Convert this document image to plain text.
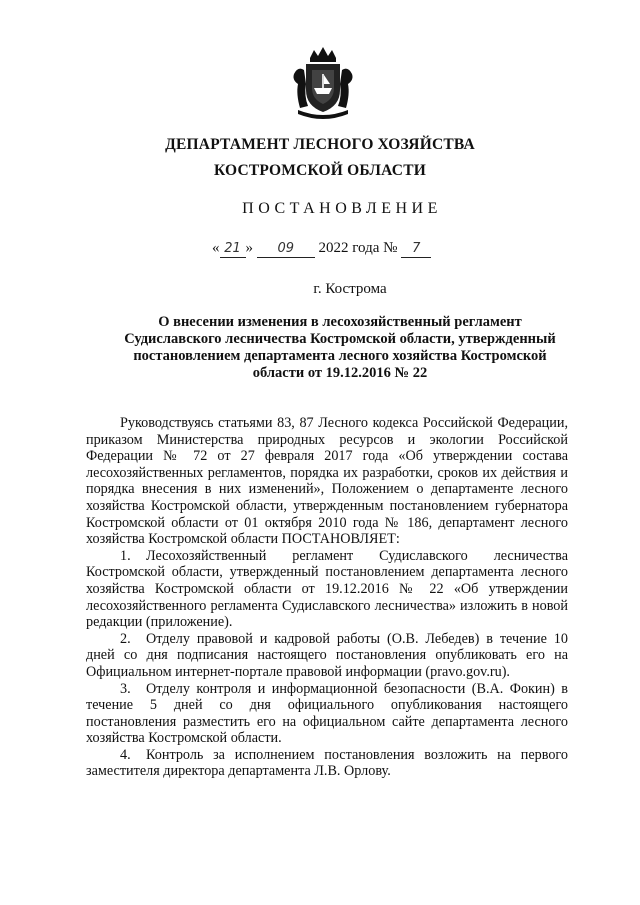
ДЕПАРТАМЕНТ ЛЕСНОГО ХОЗЯЙСТВА
КОСТРОМСКОЙ ОБЛАСТИ
ПОСТАНОВЛЕНИЕ
« 21 » 09 2022 года № 7
г. Кострома
О внесении изменения в лесохозяйственный регламент
Судиславского лесничества Костромской области, утвержденный
постановлением департамента лесного хозяйства Костромской
области от 19.12.2016 № 22

Руководствуясь статьями 83, 87 Лесного кодекса Российской Федерации, приказом Министерства природных ресурсов и экологии Российской Федерации № 72 от 27 февраля 2017 года «Об утверждении состава лесохозяйственных регламентов, порядка их разработки, сроков их действия и порядка внесения в них изменений», Положением о департаменте лесного хозяйства Костромской области, утвержденным постановлением губернатора Костромской области от 01 октября 2010 года № 186, департамент лесного хозяйства Костромской области ПОСТАНОВЛЯЕТ:

1. Лесохозяйственный регламент Судиславского лесничества Костромской области, утвержденный постановлением департамента лесного хозяйства Костромской области от 19.12.2016 № 22 «Об утверждении лесохозяйственного регламента Судиславского лесничества» изложить в новой редакции (приложение).

2. Отделу правовой и кадровой работы (О.В. Лебедев) в течение 10 дней со дня подписания настоящего постановления опубликовать его на Официальном интернет-портале правовой информации (pravo.gov.ru).

3. Отделу контроля и информационной безопасности (В.А. Фокин) в течение 5 дней со дня официального опубликования настоящего постановления разместить его на официальном сайте департамента лесного хозяйства Костромской области.

4. Контроль за исполнением постановления возложить на первого заместителя директора департамента Л.В. Орлову.
